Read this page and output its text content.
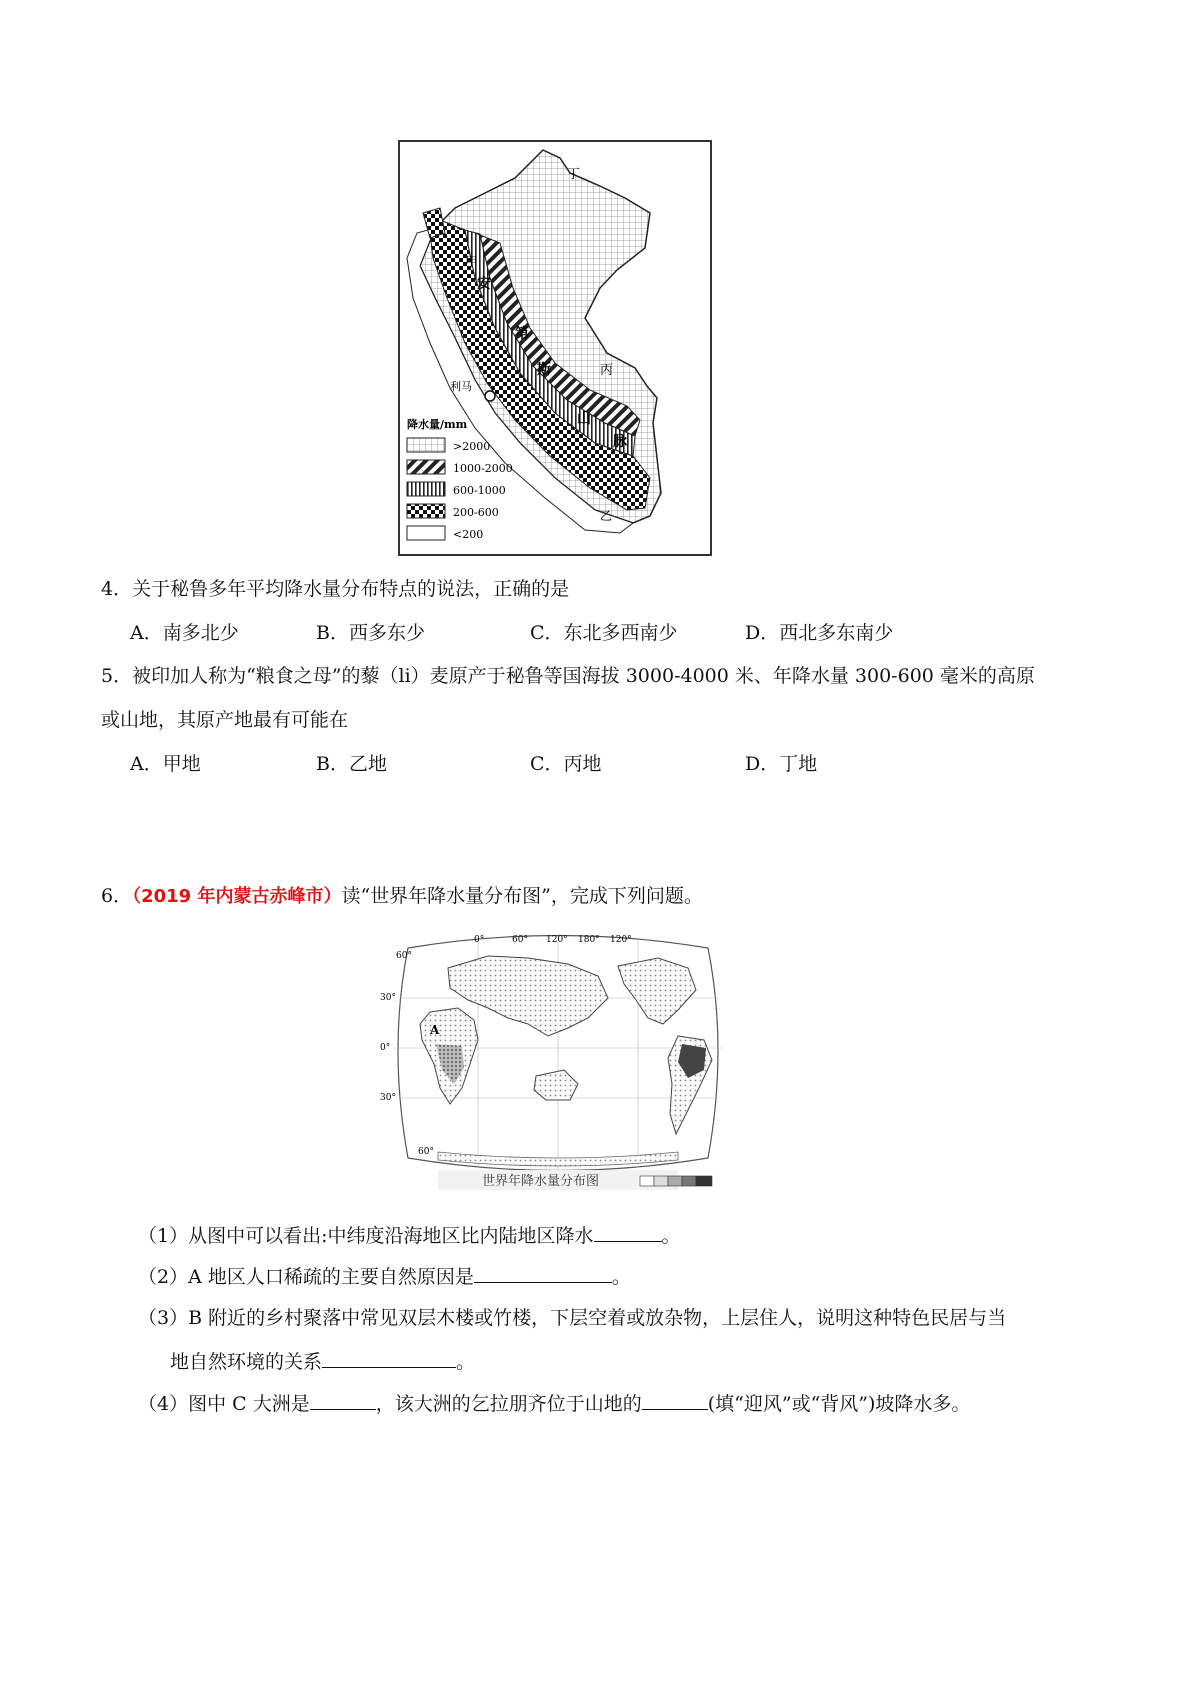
丁
甲
安
第
斯	丙
山
脉
乙
利马
降水量/mm
>2000
1000-2000
600-1000
200-600
<200
4．关于秘鲁多年平均降水量分布特点的说法，正确的是
A．南多北少	B．西多东少	C．东北多西南少	D．西北多东南少
5．被印加人称为“粮食之母”的藜（li）麦原产于秘鲁等国海拔 3000-4000 米、年降水量 300-600 毫米的高原
或山地，其原产地最有可能在
A．甲地	B．乙地	C．丙地	D．丁地
6．（2019 年内蒙古赤峰市）读“世界年降水量分布图”，完成下列问题。
0°	60° 120° 180° 120°
30°
0°
30°
60°
60°
A
世界年降水量分布图
（1）从图中可以看出:中纬度沿海地区比内陆地区降水	。
（2）A 地区人口稀疏的主要自然原因是	。
（3）B 附近的乡村聚落中常见双层木楼或竹楼，下层空着或放杂物，上层住人，说明这种特色民居与当
地自然环境的关系	。
（4）图中 C 大洲是	，该大洲的乞拉朋齐位于山地的	(填“迎风”或“背风”)坡降水多。
